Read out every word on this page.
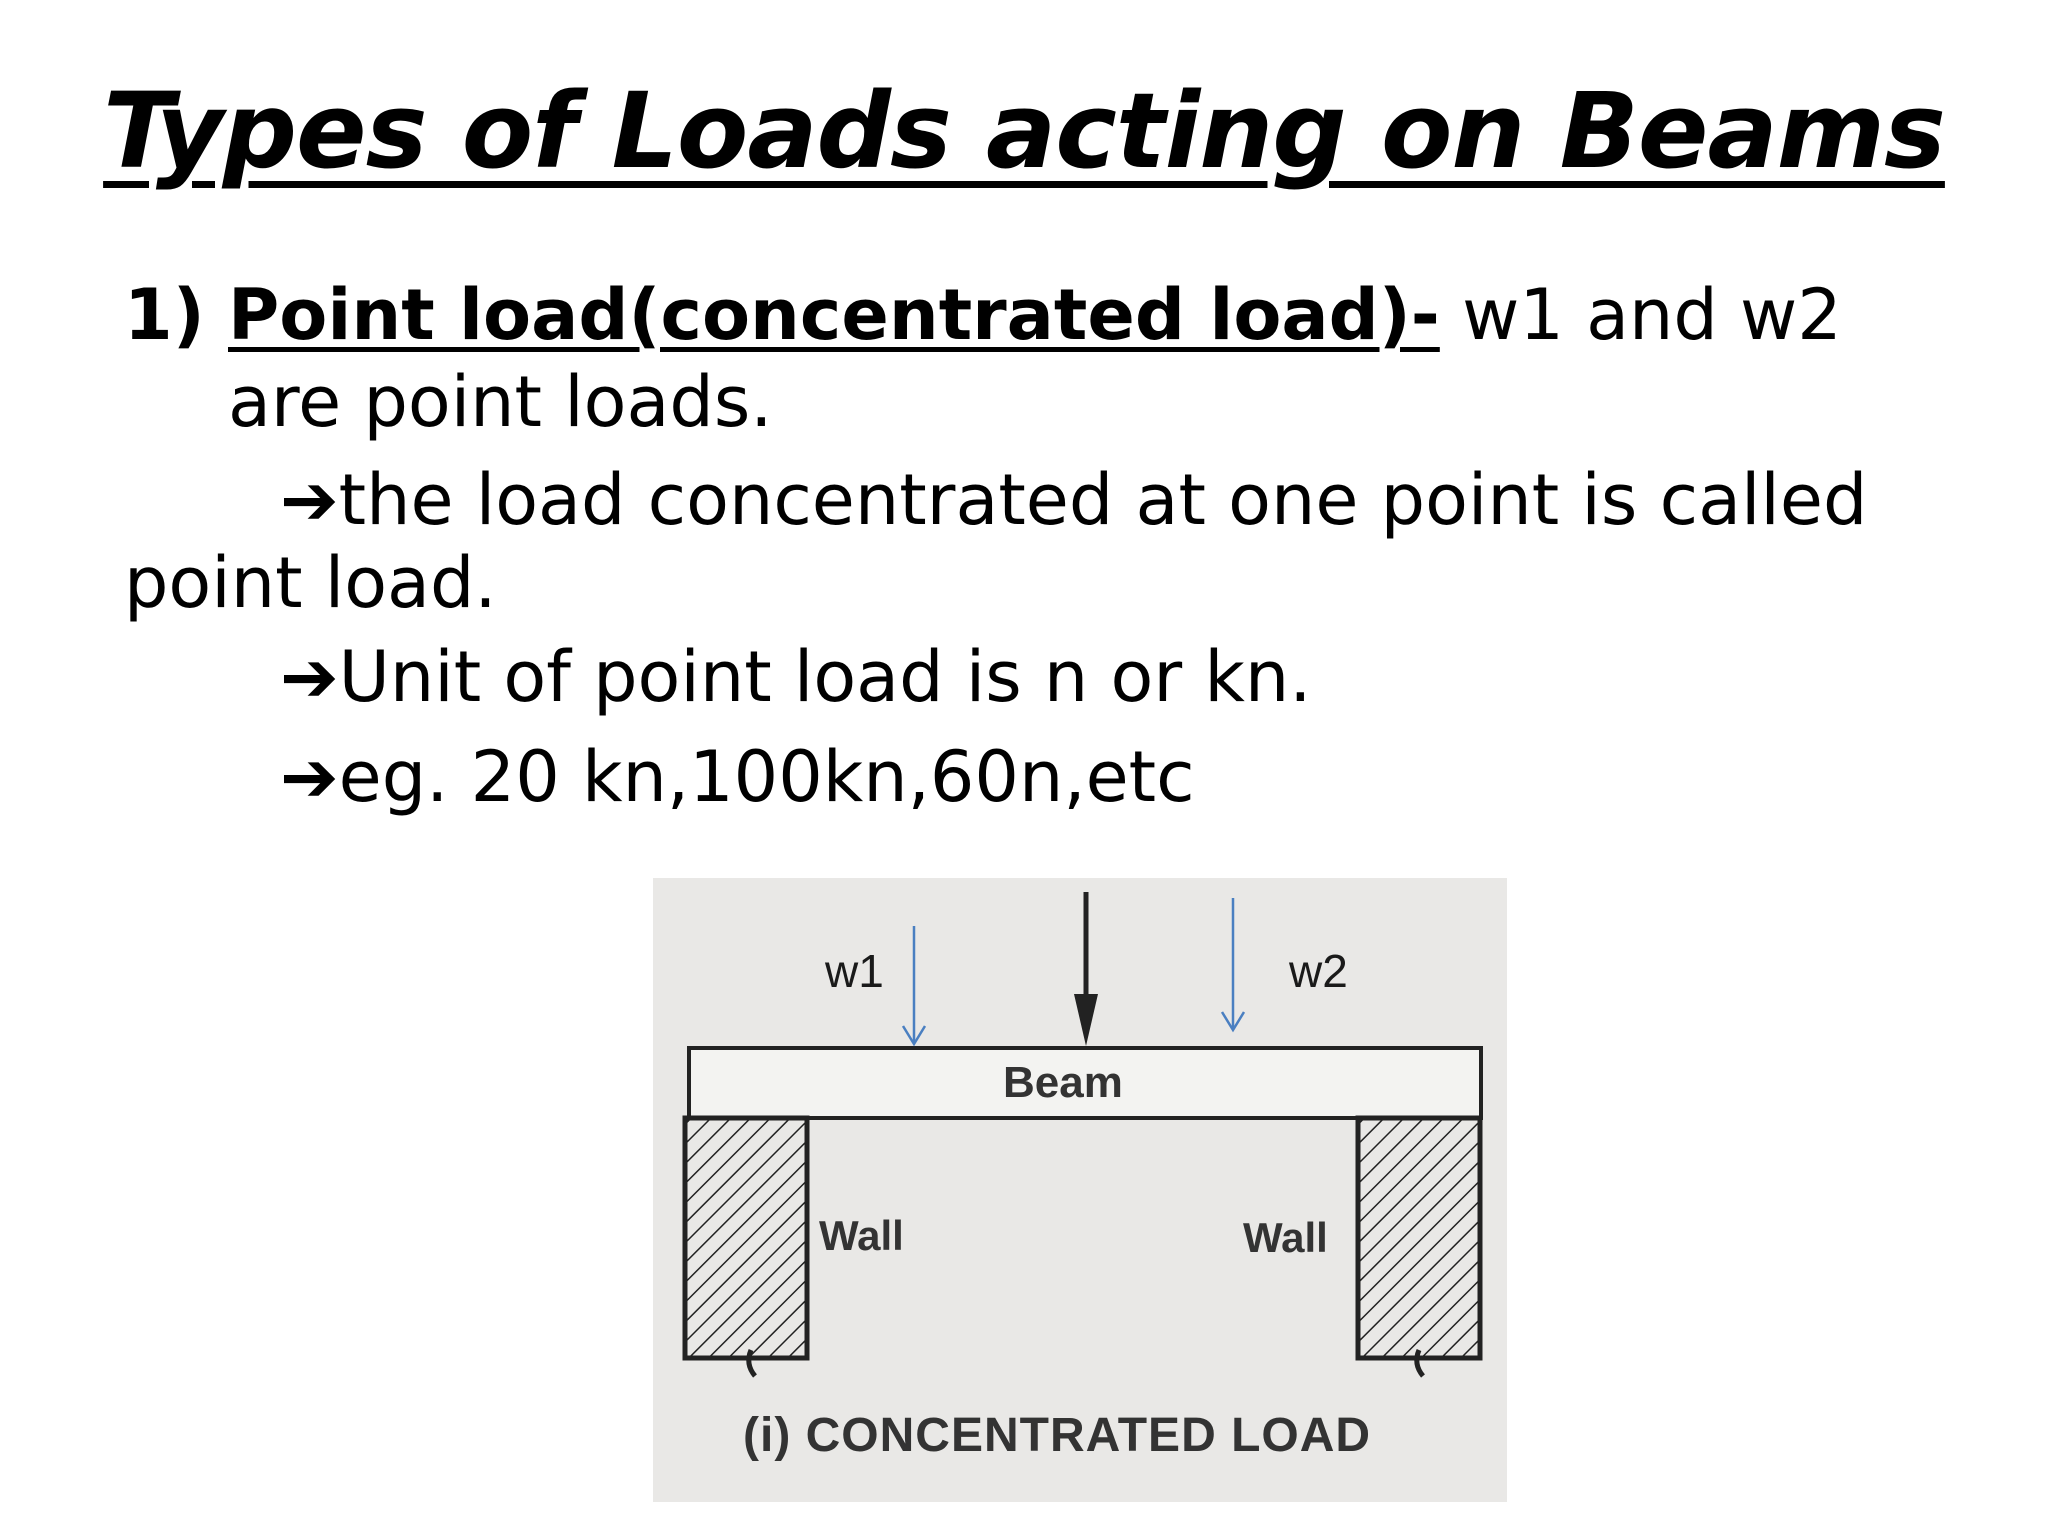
Types of Loads acting on Beams
1) Point load(concentrated load)- w1 and w2
are point loads.
➔the load concentrated at one point is called
point load.
➔Unit of point load is n or kn.
➔eg. 20 kn,100kn,60n,etc
w1	w2
Beam
Wall	Wall
(i) CONCENTRATED LOAD
